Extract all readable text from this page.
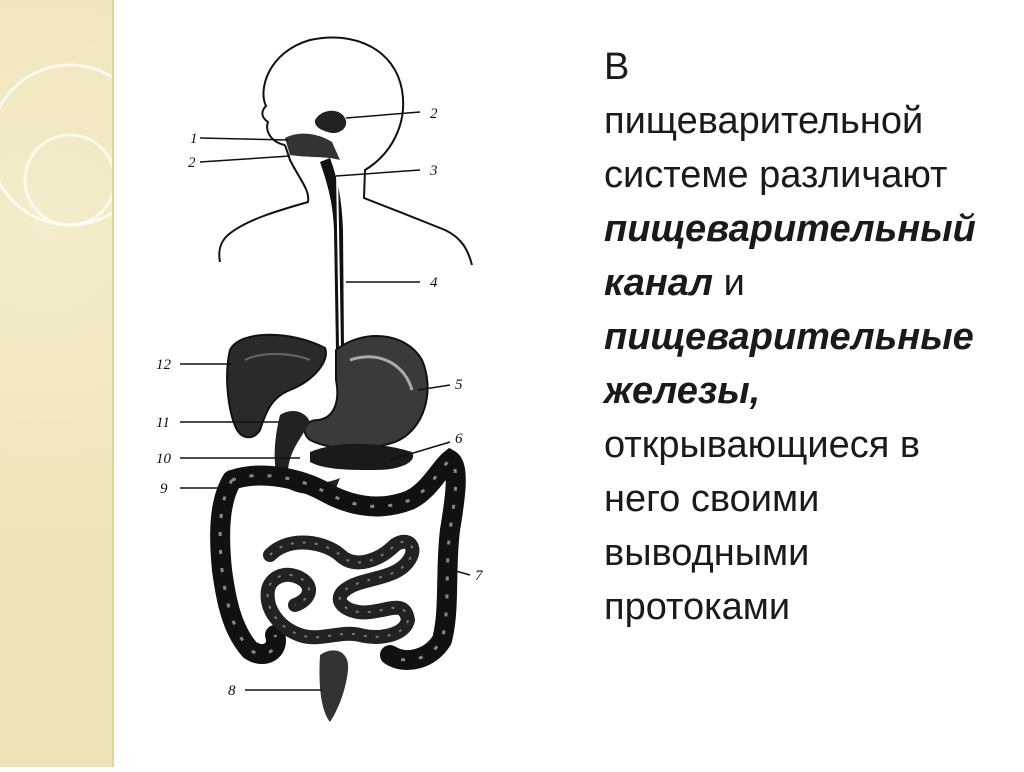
1
2
2
3
4
5
6
7
8
9
10
11
12
В
пищеварительной
системе различают
пищеварительный
канал и
пищеварительные
железы,
открывающиеся в
него своими
выводными
протоками
